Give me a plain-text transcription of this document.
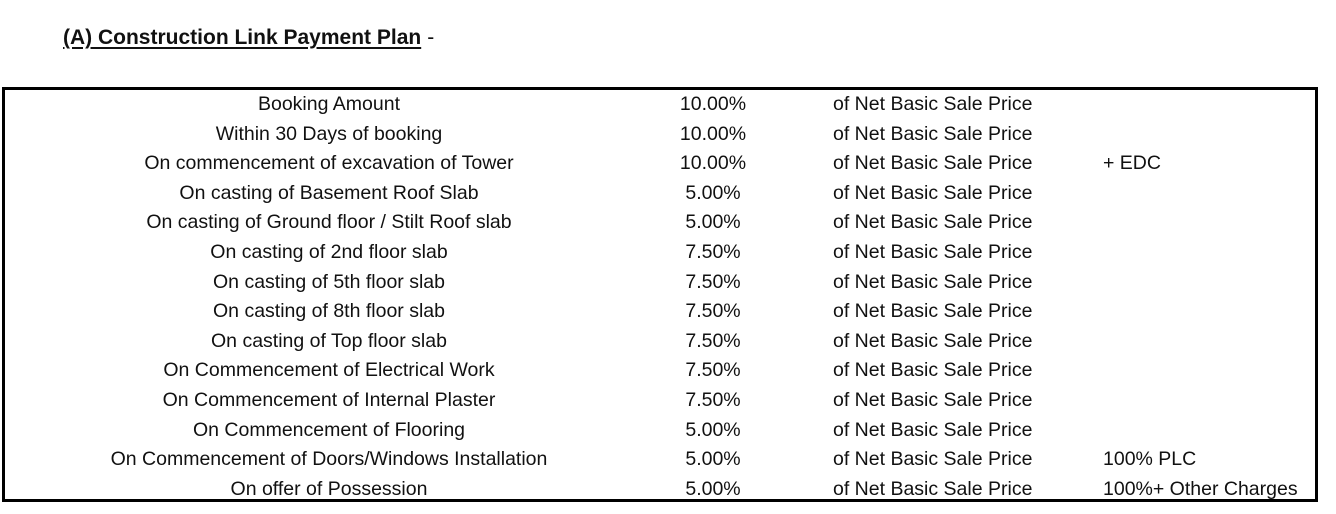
(A) Construction Link Payment Plan -
Booking Amount	10.00%	of Net Basic Sale Price
Within 30 Days of booking	10.00%	of Net Basic Sale Price
On commencement of excavation of Tower	10.00%	of Net Basic Sale Price	+ EDC
On casting of Basement Roof Slab	5.00%	of Net Basic Sale Price
On casting of Ground floor / Stilt Roof slab	5.00%	of Net Basic Sale Price
On casting of 2nd floor slab	7.50%	of Net Basic Sale Price
On casting of 5th floor slab	7.50%	of Net Basic Sale Price
On casting of 8th floor slab	7.50%	of Net Basic Sale Price
On casting of Top floor slab	7.50%	of Net Basic Sale Price
On Commencement of Electrical Work	7.50%	of Net Basic Sale Price
On Commencement of Internal Plaster	7.50%	of Net Basic Sale Price
On Commencement of Flooring	5.00%	of Net Basic Sale Price
On Commencement of Doors/Windows Installation	5.00%	of Net Basic Sale Price	100% PLC
On offer of Possession	5.00%	of Net Basic Sale Price	100%+ Other Charges
